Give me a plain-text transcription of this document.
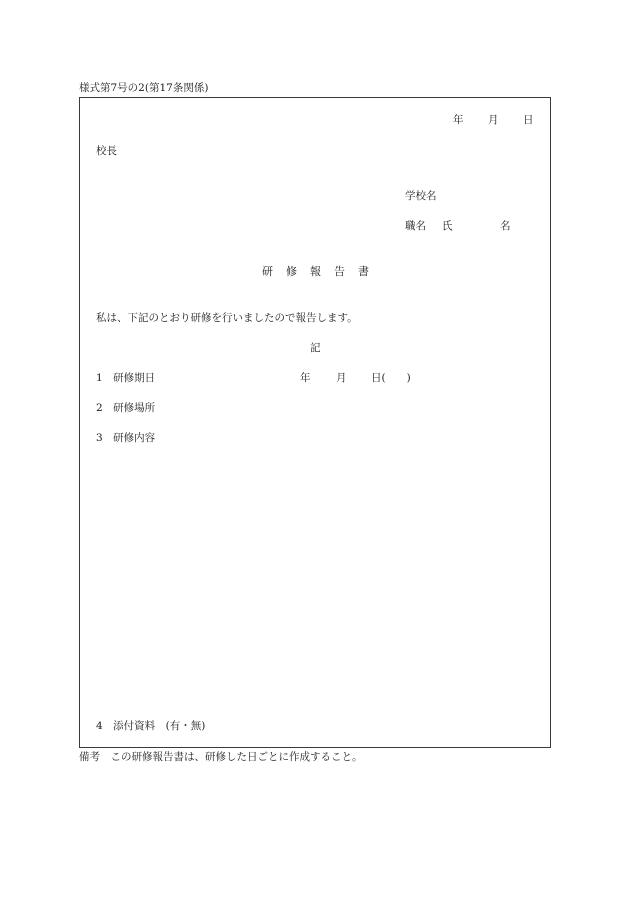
様式第7号の2(第17条関係)
年 月 日
校長
学校名
職名 氏	名
研 修 報 告 書
私は、下記のとおり研修を行いましたので報告します。
記
1　研修期日	年 月 日(　　)
2　研修場所
3　研修内容
4　添付資料　(有・無)
備考　この研修報告書は、研修した日ごとに作成すること。
